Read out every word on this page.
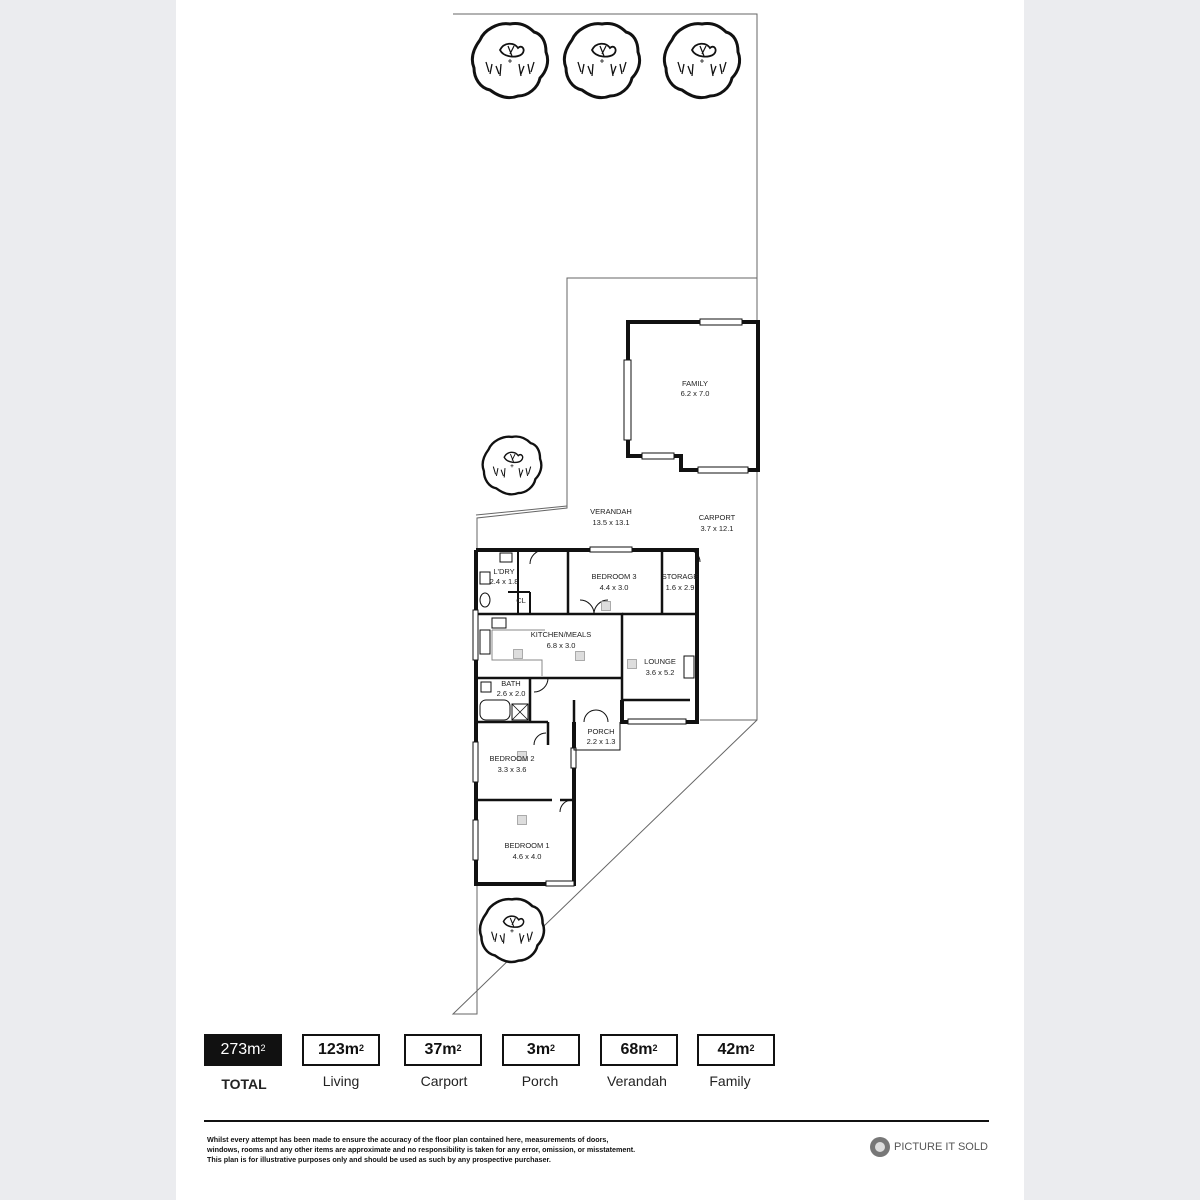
FAMILY
6.2 x 7.0
VERANDAH
13.5 x 13.1
CARPORT
3.7 x 12.1
L'DRY
2.4 x 1.8
CL
BEDROOM 3
4.4 x 3.0
STORAGE
1.6 x 2.9
KITCHEN/MEALS
6.8 x 3.0
LOUNGE
3.6 x 5.2
BATH
2.6 x 2.0
PORCH
2.2 x 1.3
BEDROOM 2
3.3 x 3.6
BEDROOM 1
4.6 x 4.0
$273m^2$	$123m^2$	$37m^2$	$3m^2$	$68m^2$	$42m^2$
TOTAL	Living	Carport	Porch	Verandah	Family
Whilst every attempt has been made to ensure the accuracy of the floor plan contained here, measurements of doors,
windows, rooms and any other items are approximate and no responsibility is taken for any error, omission, or misstatement.
This plan is for illustrative purposes only and should be used as such by any prospective purchaser.
PICTURE IT SOLD
